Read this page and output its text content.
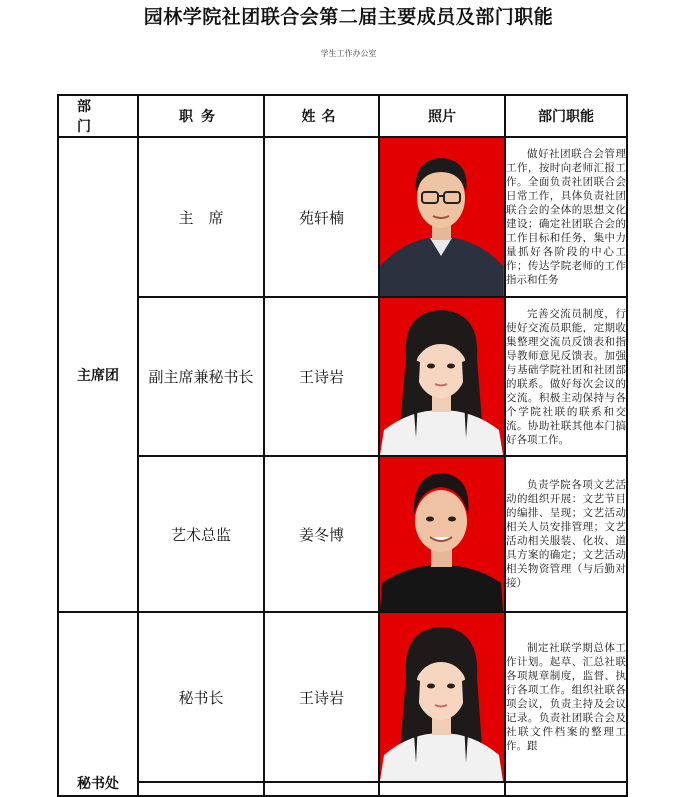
园林学院社团联合会第二届主要成员及部门职能
学生工作办公室
部门	职务	姓名	照片	部门职能
主席团	主　席	苑轩楠		做好社团联合会管理工作，按时向老师汇报工作。全面负责社团联合会日常工作，具体负责社团联合会的全体的思想文化建设；确定社团联合会的工作目标和任务，集中力量抓好各阶段的中心工作；传达学院老师的工作指示和任务

	副主席兼秘书长	王诗岩		完善交流员制度，行使好交流员职能，定期收集整理交流员反馈表和指导教师意见反馈表。加强与基础学院社团和社团部的联系。做好每次会议的交流。积极主动保持与各个学院社联的联系和交流。协助社联其他本门搞好各项工作。

	艺术总监	姜冬博		负责学院各项文艺活动的组织开展：文艺节目的编排、呈现；文艺活动相关人员安排管理；文艺活动相关服装、化妆、道具方案的确定；文艺活动相关物资管理（与后勤对接）

秘书处	秘书长	王诗岩		制定社联学期总体工作计划。起草、汇总社联各项规章制度，监督、执行各项工作。组织社联各项会议，负责主持及会议记录。负责社团联合会及社联文件档案的整理工作。跟
